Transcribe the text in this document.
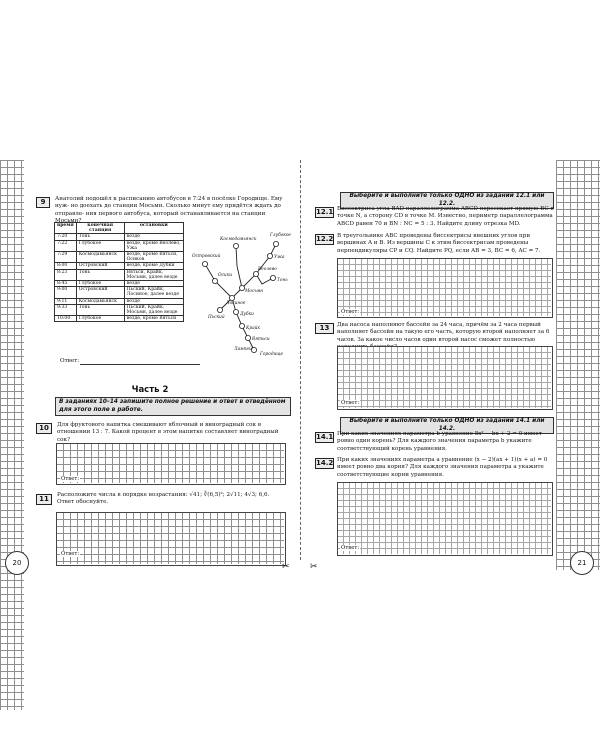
9	Анатолий подошёл к расписанию автобусов в 7:24 в посёлке Городище. Ему нуж- но доехать до станции Мосьмн. Сколько минут ему придётся ждать до отправле- ния первого автобуса, который останавливается на станции Мосьмн?
время	конечная станция	остановки
7:20	Тонь	везде
7:22	Глубокое	везде, кроме Веолево, Ужа
7:29	Космодамьянск	везде, кроме Вятьси, Осиков
8:00	Островский	везде, кроме Дубки
8:23	Тонь	Вятьси, Крайк, Мосьмн, далее везде
8:45	Глубокое	везде
9:00	Островский	Пьский, Крайк, Лосиное, далее везде
9:11	Космодамьянск	везде
9:33	Тонь	Пьский, Крайк, Мосьмн, далее везде
10:00	Глубокое	везде, кроме Вятьси
Космодамьянск
Глубокое
Островский
Осики
Ужа
Веолево
Тонь
Лосиное
Мосьмн
Пьский
Дубки
Крайк
Вятьси
Лампей
Городище
Ответ:
Часть 2
В заданиях 10–14 запишите полное решение и ответ в отведённом для этого поле в работе.
10	Для фруктового напитка смешивают яблочный и виноградный сок в отношении 13 : 7. Какой процент в этом напитке составляет виноградный сок?
Ответ:
11	Расположите числа в порядке возрастания: √41; ∛(6,5)²; 2√11; 4√3; 6,6. Ответ обоснуйте.
Ответ:
20	✂ ✂
Выберите и выполните только ОДНО из заданий 12.1 или 12.2.
12.1 Биссектриса угла BAD параллелограмма ABCD пересекает прямую BC в точке N, а сторону CD в точке M. Известно, периметр параллелограмма ABCD равен 70 и BN : NC = 5 : 3. Найдите длину отрезка MD.
12.2 В треугольнике ABC проведены биссектрисы внешних углов при вершинах A и B. Из вершины C к этим биссектрисам проведены перпендикуляры CP и CQ. Найдите PQ, если AB = 3, BC = 6, AC = 7.
Ответ:
13	Два насоса наполняют бассейн за 24 часа, причём за 2 часа первый наполняет бассейн на такую его часть, которую второй наполняет за 6 часов. За какое число часов один второй насос сможет полностью
Ответ:
Выберите и выполните только ОДНО из заданий 14.1 или 14.2.
14.1 При каких значениях параметра b уравнение 8x² − bx + 2 = 0 имеет ровно один корень? Для каждого значения параметра b укажите соответствующий корень уравнения.
14.2 При каких значениях параметра a уравнение (x − 2)(ax + 1)(x + a) = 0 имеет ровно два корня? Для каждого значения параметра a укажите соответствующие корни уравнения.
Ответ:
21
